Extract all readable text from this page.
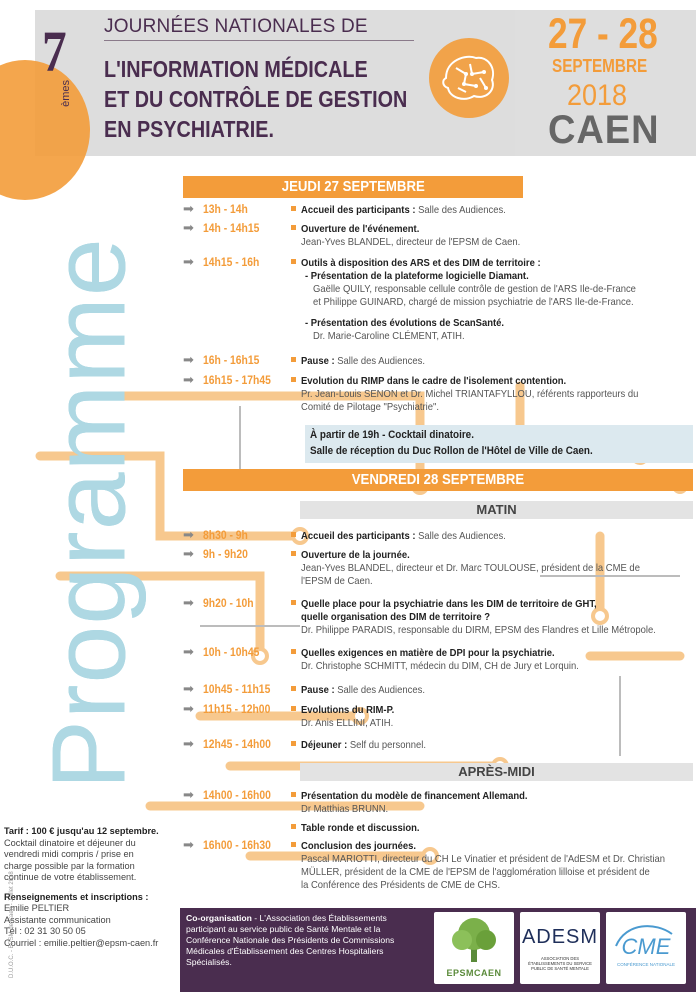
7
èmes
JOURNÉES NATIONALES DE
L'INFORMATION MÉDICALE
ET DU CONTRÔLE DE GESTION
EN PSYCHIATRIE.
27 - 28
SEPTEMBRE
2018
CAEN
Programme
JEUDI 27 SEPTEMBRE
➡ 13h - 14h	Accueil des participants : Salle des Audiences.
➡ 14h - 14h15	Ouverture de l'événement.
Jean-Yves BLANDEL, directeur de l'EPSM de Caen.
➡ 14h15 - 16h	Outils à disposition des ARS et des DIM de territoire :
- Présentation de la plateforme logicielle Diamant.
Gaëlle QUILY, responsable cellule contrôle de gestion de l'ARS Ile-de-France
et Philippe GUINARD, chargé de mission psychiatrie de l'ARS Ile-de-France.
- Présentation des évolutions de ScanSanté.
Dr. Marie-Caroline CLÉMENT, ATIH.
➡ 16h - 16h15	Pause : Salle des Audiences.
➡ 16h15 - 17h45	Evolution du RIMP dans le cadre de l'isolement contention.
Pr. Jean-Louis SENON et Dr. Michel TRIANTAFYLLOU, référents rapporteurs du
Comité de Pilotage "Psychiatrie".
À partir de 19h - Cocktail dinatoire.
Salle de réception du Duc Rollon de l'Hôtel de Ville de Caen.
VENDREDI 28 SEPTEMBRE
MATIN
➡ 8h30 - 9h	Accueil des participants : Salle des Audiences.
➡ 9h - 9h20	Ouverture de la journée.
Jean-Yves BLANDEL, directeur et Dr. Marc TOULOUSE, président de la CME de
l'EPSM de Caen.
➡ 9h20 - 10h	Quelle place pour la psychiatrie dans les DIM de territoire de GHT,
quelle organisation des DIM de territoire ?
Dr. Philippe PARADIS, responsable du DIRM, EPSM des Flandres et Lille Métropole.
➡ 10h - 10h45	Quelles exigences en matière de DPI pour la psychiatrie.
Dr. Christophe SCHMITT, médecin du DIM, CH de Jury et Lorquin.
➡ 10h45 - 11h15	Pause : Salle des Audiences.
➡ 11h15 - 12h00	Evolutions du RIM-P.
Dr. Anis ELLINI, ATIH.
➡ 12h45 - 14h00	Déjeuner : Self du personnel.
APRÈS-MIDI
➡ 14h00 - 16h00	Présentation du modèle de financement Allemand.
Dr Matthias BRUNN.
Table ronde et discussion.
➡ 16h00 - 16h30	Conclusion des journées.
Pascal MARIOTTI, directeur du CH Le Vinatier et président de l'AdESM et Dr. Christian
MÜLLER, président de la CME de l'EPSM de l'agglomération lilloise et président de
la Conférence des Présidents de CME de CHS.
Tarif : 100 € jusqu'au 12 septembre.
Cocktail dinatoire et déjeuner du
vendredi midi compris / prise en
charge possible par la formation
continue de votre établissement.
Renseignements et inscriptions :
Emilie PELTIER
Assistante communication
Tél : 02 31 30 50 05
Courriel : emilie.peltier@epsm-caen.fr
D.U.O.C. - EPSM de Caen - Juillet 2018	Co-organisation - L'Association des Établissements participant au service public de Santé Mentale et la Conférence Nationale des Présidents de Commissions Médicales d'Établissement des Centres Hospitaliers Spécialisés.
EPSMCAEN
ADESM
ASSOCIATION DES ÉTABLISSEMENTS DU SERVICE PUBLIC DE SANTÉ MENTALE
CME
CONFÉRENCE NATIONALE
